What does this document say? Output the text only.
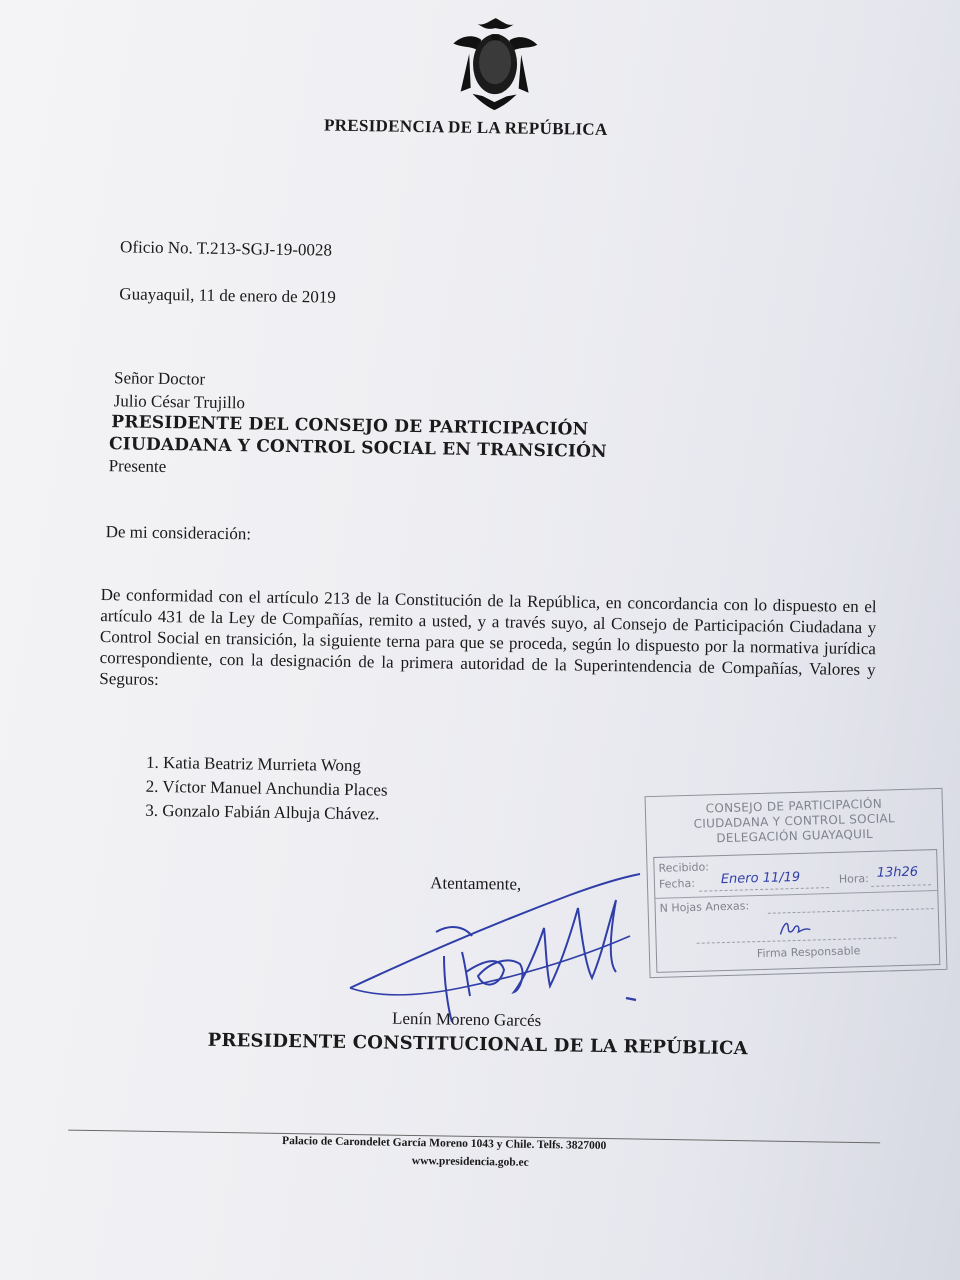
PRESIDENCIA DE LA REPÚBLICA
Oficio No. T.213-SGJ-19-0028
Guayaquil, 11 de enero de 2019
Señor Doctor
Julio César Trujillo
PRESIDENTE DEL CONSEJO DE PARTICIPACIÓN
CIUDADANA Y CONTROL SOCIAL EN TRANSICIÓN
Presente
De mi consideración:
De conformidad con el artículo 213 de la Constitución de la República, en concordancia con lo dispuesto en el artículo 431 de la Ley de Compañías, remito a usted, y a través suyo, al Consejo de Participación Ciudadana y Control Social en transición, la siguiente terna para que se proceda, según lo dispuesto por la normativa jurídica correspondiente, con la designación de la primera autoridad de la Superintendencia de Compañías, Valores y Seguros:
1. Katia Beatriz Murrieta Wong
2. Víctor Manuel Anchundia Places
3. Gonzalo Fabián Albuja Chávez.
Atentamente,
Lenín Moreno Garcés
PRESIDENTE CONSTITUCIONAL DE LA REPÚBLICA
Palacio de Carondelet García Moreno 1043 y Chile. Telfs. 3827000
www.presidencia.gob.ec
CONSEJO DE PARTICIPACIÓN
CIUDADANA Y CONTROL SOCIAL
DELEGACIÓN GUAYAQUIL
Recibido:
Fecha: Enero 11/19	Hora: 13h26
N Hojas Anexas:
Firma Responsable
